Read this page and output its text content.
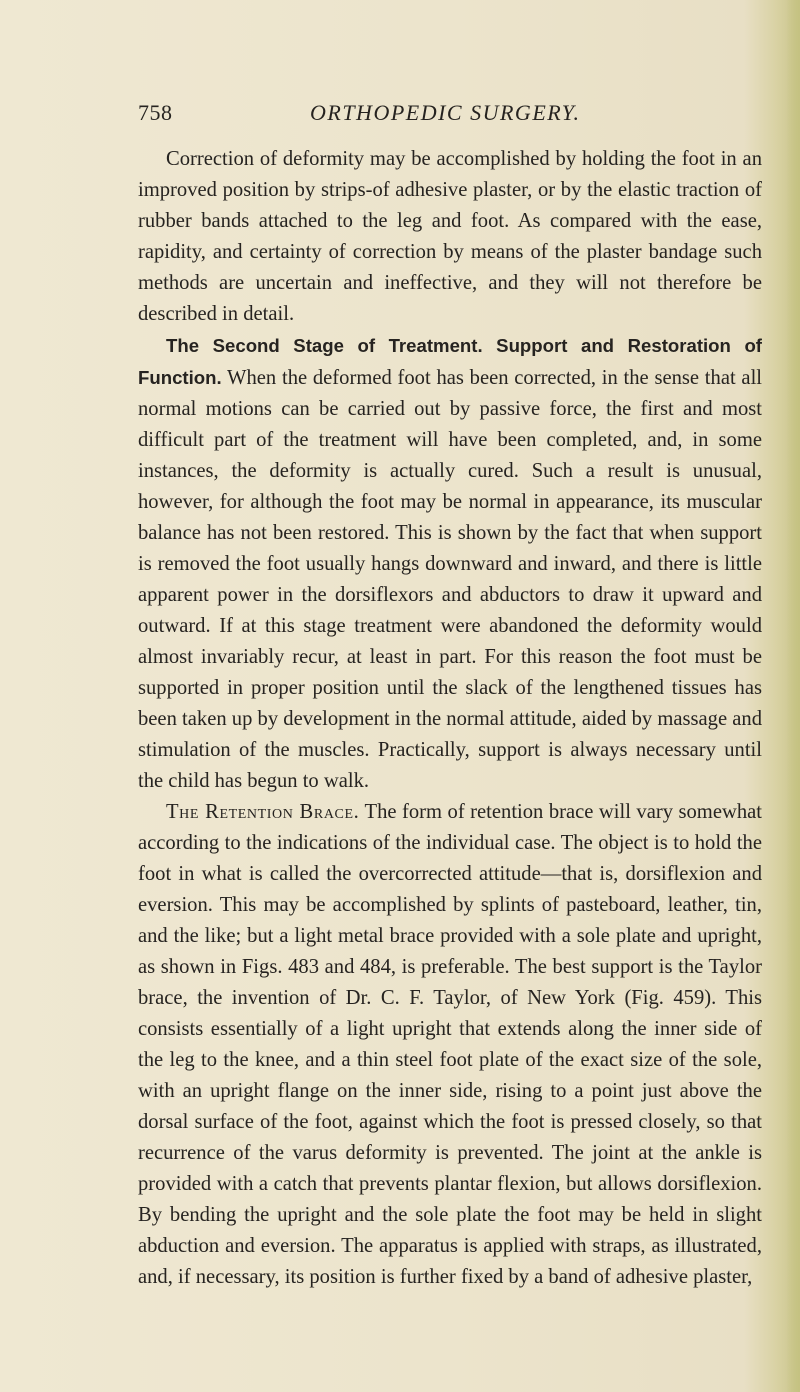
758	ORTHOPEDIC SURGERY.

Correction of deformity may be accomplished by holding the foot in an improved position by strips-of adhesive plaster, or by the elastic traction of rubber bands attached to the leg and foot. As compared with the ease, rapidity, and certainty of correction by means of the plaster bandage such methods are uncertain and ineffective, and they will not therefore be described in detail.

The Second Stage of Treatment. Support and Restoration of Function. When the deformed foot has been corrected, in the sense that all normal motions can be carried out by passive force, the first and most difficult part of the treatment will have been completed, and, in some instances, the deformity is actually cured. Such a result is unusual, however, for although the foot may be normal in appearance, its muscular balance has not been restored. This is shown by the fact that when support is removed the foot usually hangs downward and inward, and there is little apparent power in the dorsiflexors and abductors to draw it upward and outward. If at this stage treatment were abandoned the deformity would almost invariably recur, at least in part. For this reason the foot must be supported in proper position until the slack of the lengthened tissues has been taken up by development in the normal attitude, aided by massage and stimulation of the muscles. Practically, support is always necessary until the child has begun to walk.

The Retention Brace. The form of retention brace will vary somewhat according to the indications of the individual case. The object is to hold the foot in what is called the overcorrected attitude—that is, dorsiflexion and eversion. This may be accomplished by splints of pasteboard, leather, tin, and the like; but a light metal brace provided with a sole plate and upright, as shown in Figs. 483 and 484, is preferable. The best support is the Taylor brace, the invention of Dr. C. F. Taylor, of New York (Fig. 459). This consists essentially of a light upright that extends along the inner side of the leg to the knee, and a thin steel foot plate of the exact size of the sole, with an upright flange on the inner side, rising to a point just above the dorsal surface of the foot, against which the foot is pressed closely, so that recurrence of the varus deformity is prevented. The joint at the ankle is provided with a catch that prevents plantar flexion, but allows dorsiflexion. By bending the upright and the sole plate the foot may be held in slight abduction and eversion. The apparatus is applied with straps, as illustrated, and, if necessary, its position is further fixed by a band of adhesive plaster,
